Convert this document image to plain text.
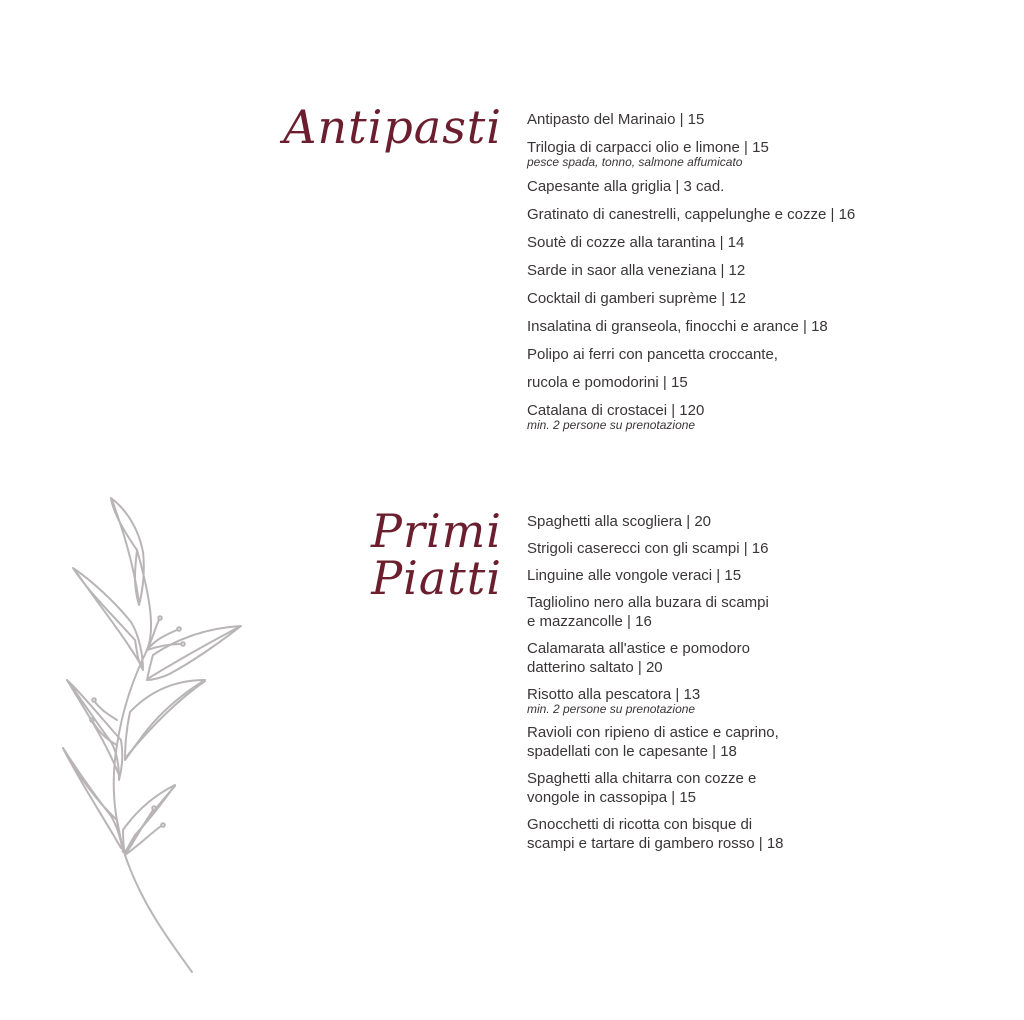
Antipasti Antipasto del Marinaio | 15
Trilogia di carpacci olio e limone | 15
pesce spada, tonno, salmone affumicato
Capesante alla griglia | 3 cad.
Gratinato di canestrelli, cappelunghe e cozze | 16
Soutè di cozze alla tarantina | 14
Sarde in saor alla veneziana | 12
Cocktail di gamberi suprème | 12
Insalatina di granseola, finocchi e arance | 18
Polipo ai ferri con pancetta croccante,
rucola e pomodorini | 15
Catalana di crostacei | 120
min. 2 persone su prenotazione
Primi
Piatti
Spaghetti alla scogliera | 20
Strigoli caserecci con gli scampi | 16
Linguine alle vongole veraci | 15
Tagliolino nero alla buzara di scampi
e mazzancolle | 16
Calamarata all'astice e pomodoro
datterino saltato | 20
Risotto alla pescatora | 13
min. 2 persone su prenotazione
Ravioli con ripieno di astice e caprino,
spadellati con le capesante | 18
Spaghetti alla chitarra con cozze e
vongole in cassopipa | 15
Gnocchetti di ricotta con bisque di
scampi e tartare di gambero rosso | 18
